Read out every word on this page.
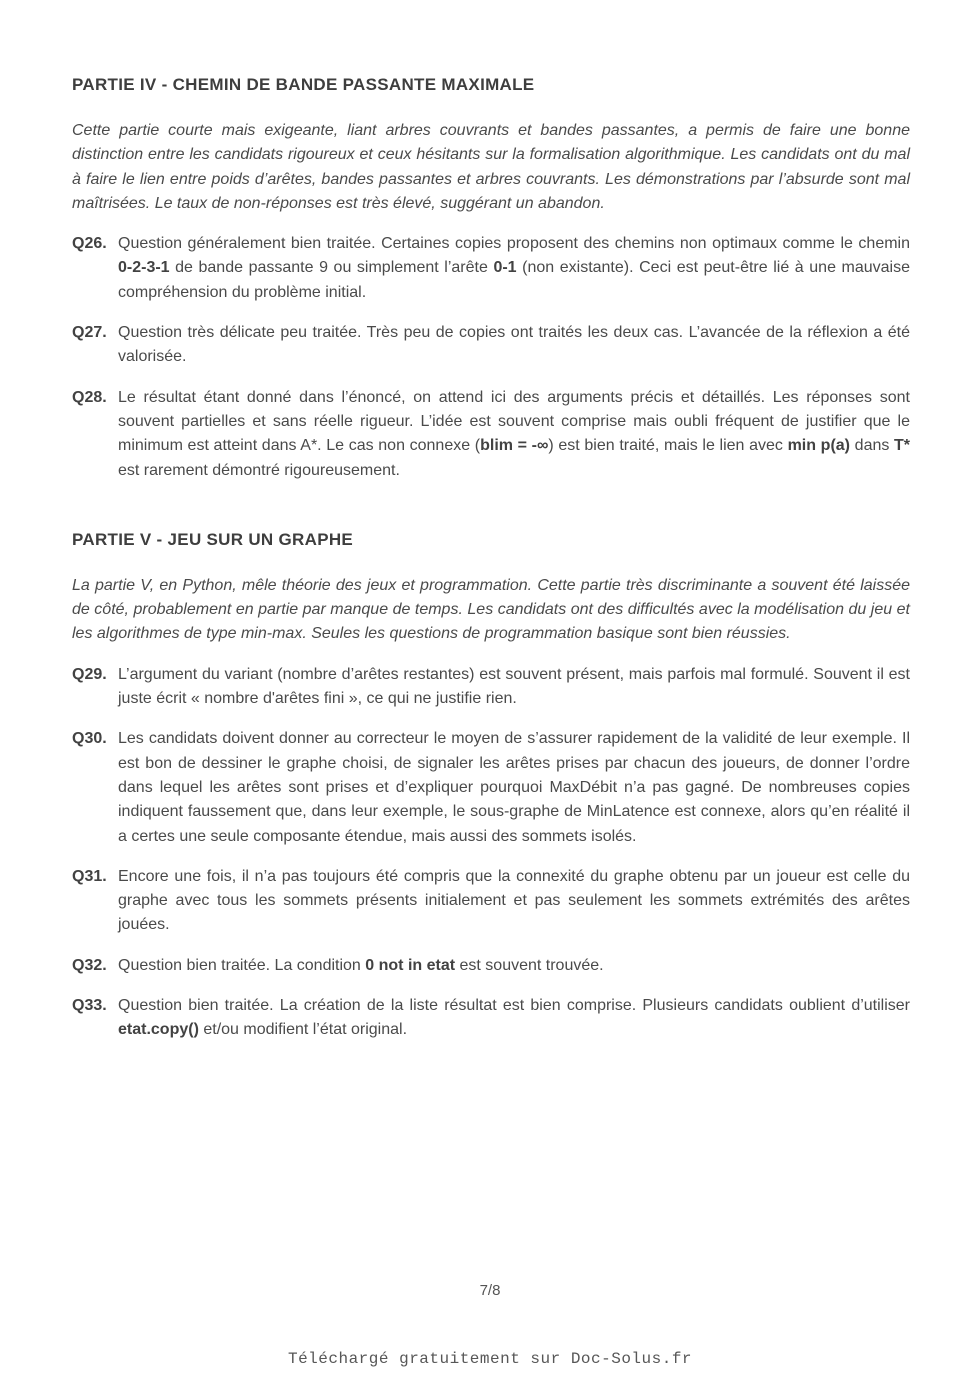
PARTIE IV - CHEMIN DE BANDE PASSANTE MAXIMALE

Cette partie courte mais exigeante, liant arbres couvrants et bandes passantes, a permis de faire une bonne distinction entre les candidats rigoureux et ceux hésitants sur la formalisation algorithmique. Les candidats ont du mal à faire le lien entre poids d’arêtes, bandes passantes et arbres couvrants. Les démonstrations par l’absurde sont mal maîtrisées. Le taux de non-réponses est très élevé, suggérant un abandon.

Q26. Question généralement bien traitée. Certaines copies proposent des chemins non optimaux comme le chemin 0-2-3-1 de bande passante 9 ou simplement l’arête 0-1 (non existante). Ceci est peut-être lié à une mauvaise compréhension du problème initial.
Q27. Question très délicate peu traitée. Très peu de copies ont traités les deux cas. L’avancée de la réflexion a été valorisée.
Q28. Le résultat étant donné dans l’énoncé, on attend ici des arguments précis et détaillés. Les réponses sont souvent partielles et sans réelle rigueur. L’idée est souvent comprise mais oubli fréquent de justifier que le minimum est atteint dans A*. Le cas non connexe (blim = -∞) est bien traité, mais le lien avec min p(a) dans T* est rarement démontré rigoureusement.
PARTIE V - JEU SUR UN GRAPHE

La partie V, en Python, mêle théorie des jeux et programmation. Cette partie très discriminante a souvent été laissée de côté, probablement en partie par manque de temps. Les candidats ont des difficultés avec la modélisation du jeu et les algorithmes de type min-max. Seules les questions de programmation basique sont bien réussies.

Q29. L’argument du variant (nombre d’arêtes restantes) est souvent présent, mais parfois mal formulé. Souvent il est juste écrit « nombre d'arêtes fini », ce qui ne justifie rien.
Q30. Les candidats doivent donner au correcteur le moyen de s’assurer rapidement de la validité de leur exemple. Il est bon de dessiner le graphe choisi, de signaler les arêtes prises par chacun des joueurs, de donner l’ordre dans lequel les arêtes sont prises et d’expliquer pourquoi MaxDébit n’a pas gagné. De nombreuses copies indiquent faussement que, dans leur exemple, le sous-graphe de MinLatence est connexe, alors qu’en réalité il a certes une seule composante étendue, mais aussi des sommets isolés.
Q31. Encore une fois, il n’a pas toujours été compris que la connexité du graphe obtenu par un joueur est celle du graphe avec tous les sommets présents initialement et pas seulement les sommets extrémités des arêtes jouées.
Q32. Question bien traitée. La condition 0 not in etat est souvent trouvée.
Q33. Question bien traitée. La création de la liste résultat est bien comprise. Plusieurs candidats oublient d’utiliser etat.copy() et/ou modifient l’état original.
7/8
Téléchargé gratuitement sur Doc-Solus.fr
